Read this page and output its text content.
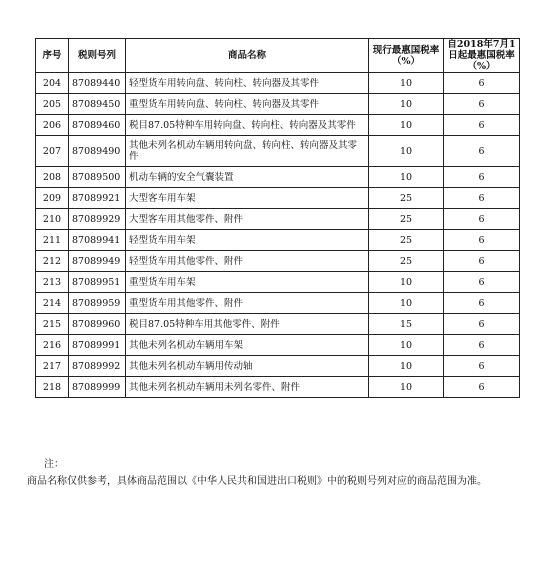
序号	税则号列	商品名称	现行最惠国税率（%）	自2018年7月1日起最惠国税率（%）
204	87089440	轻型货车用转向盘、转向柱、转向器及其零件	10	6
205	87089450	重型货车用转向盘、转向柱、转向器及其零件	10	6
206	87089460	税目87.05特种车用转向盘、转向柱、转向器及其零件	10	6
207	87089490	其他未列名机动车辆用转向盘、转向柱、转向器及其零件	10	6
208	87089500	机动车辆的安全气囊装置	10	6
209	87089921	大型客车用车架	25	6
210	87089929	大型客车用其他零件、附件	25	6
211	87089941	轻型货车用车架	25	6
212	87089949	轻型货车用其他零件、附件	25	6
213	87089951	重型货车用车架	10	6
214	87089959	重型货车用其他零件、附件	10	6
215	87089960	税目87.05特种车用其他零件、附件	15	6
216	87089991	其他未列名机动车辆用车架	10	6
217	87089992	其他未列名机动车辆用传动轴	10	6
218	87089999	其他未列名机动车辆用未列名零件、附件	10	6
注：
商品名称仅供参考，具体商品范围以《中华人民共和国进出口税则》中的税则号列对应的商品范围为准。
